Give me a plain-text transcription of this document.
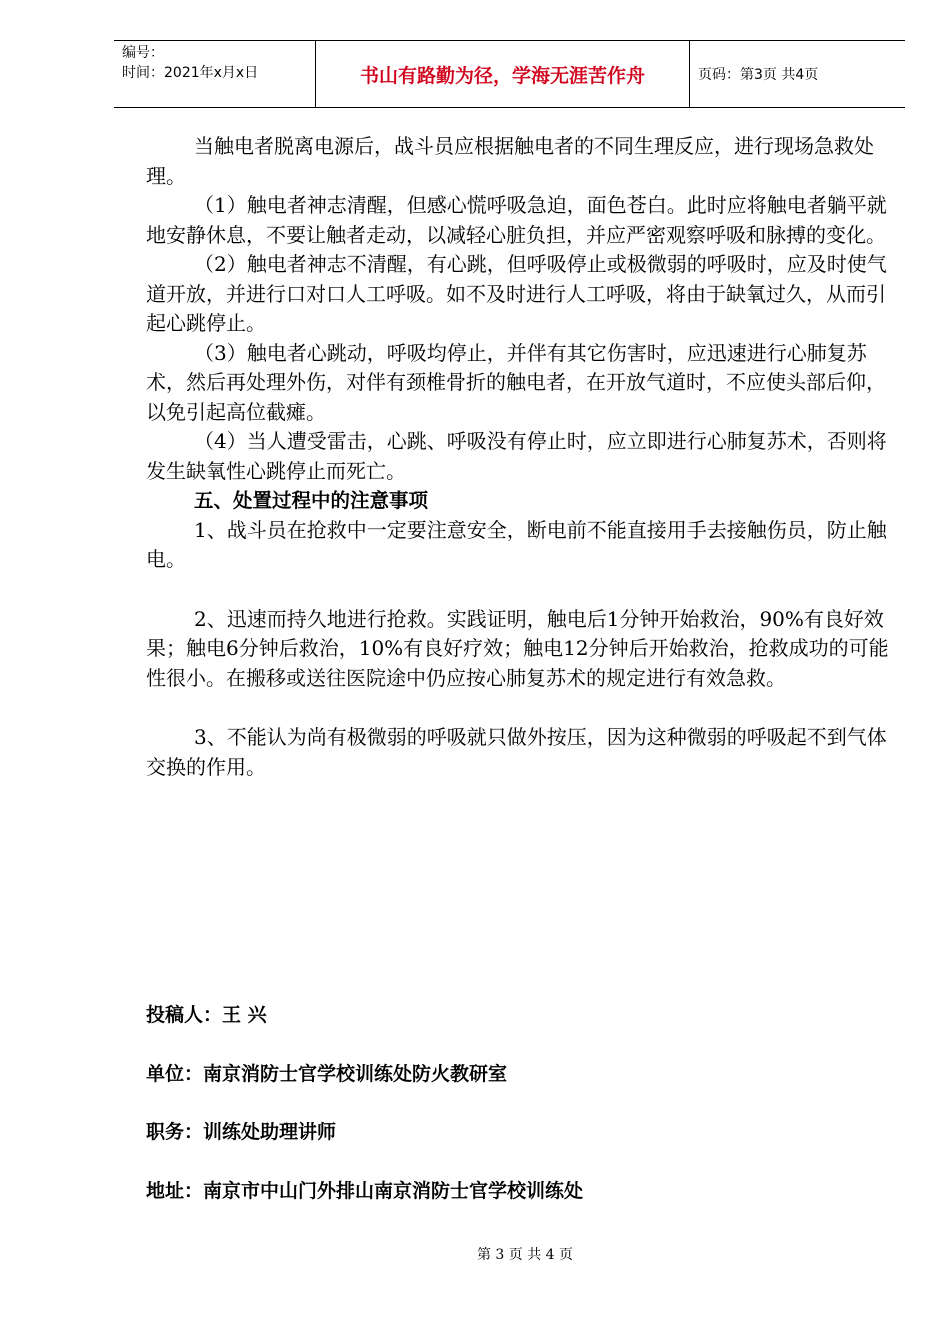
编号：
时间：2021年x月x日	书山有路勤为径，学海无涯苦作舟	页码：第3页 共4页

当触电者脱离电源后，战斗员应根据触电者的不同生理反应，进行现场急救处理。

（1）触电者神志清醒，但感心慌呼吸急迫，面色苍白。此时应将触电者躺平就地安静休息，不要让触者走动，以减轻心脏负担，并应严密观察呼吸和脉搏的变化。

（2）触电者神志不清醒，有心跳，但呼吸停止或极微弱的呼吸时，应及时使气道开放，并进行口对口人工呼吸。如不及时进行人工呼吸，将由于缺氧过久，从而引起心跳停止。

（3）触电者心跳动，呼吸均停止，并伴有其它伤害时，应迅速进行心肺复苏术，然后再处理外伤，对伴有颈椎骨折的触电者，在开放气道时，不应使头部后仰，以免引起高位截瘫。

（4）当人遭受雷击，心跳、呼吸没有停止时，应立即进行心肺复苏术，否则将发生缺氧性心跳停止而死亡。

五、处置过程中的注意事项

1、战斗员在抢救中一定要注意安全，断电前不能直接用手去接触伤员，防止触电。

2、迅速而持久地进行抢救。实践证明，触电后1分钟开始救治，90%有良好效果；触电6分钟后救治，10%有良好疗效；触电12分钟后开始救治，抢救成功的可能性很小。在搬移或送往医院途中仍应按心肺复苏术的规定进行有效急救。

3、不能认为尚有极微弱的呼吸就只做外按压，因为这种微弱的呼吸起不到气体交换的作用。

投稿人：王 兴
单位：南京消防士官学校训练处防火教研室
职务：训练处助理讲师
地址：南京市中山门外排山南京消防士官学校训练处
第 3 页 共 4 页
